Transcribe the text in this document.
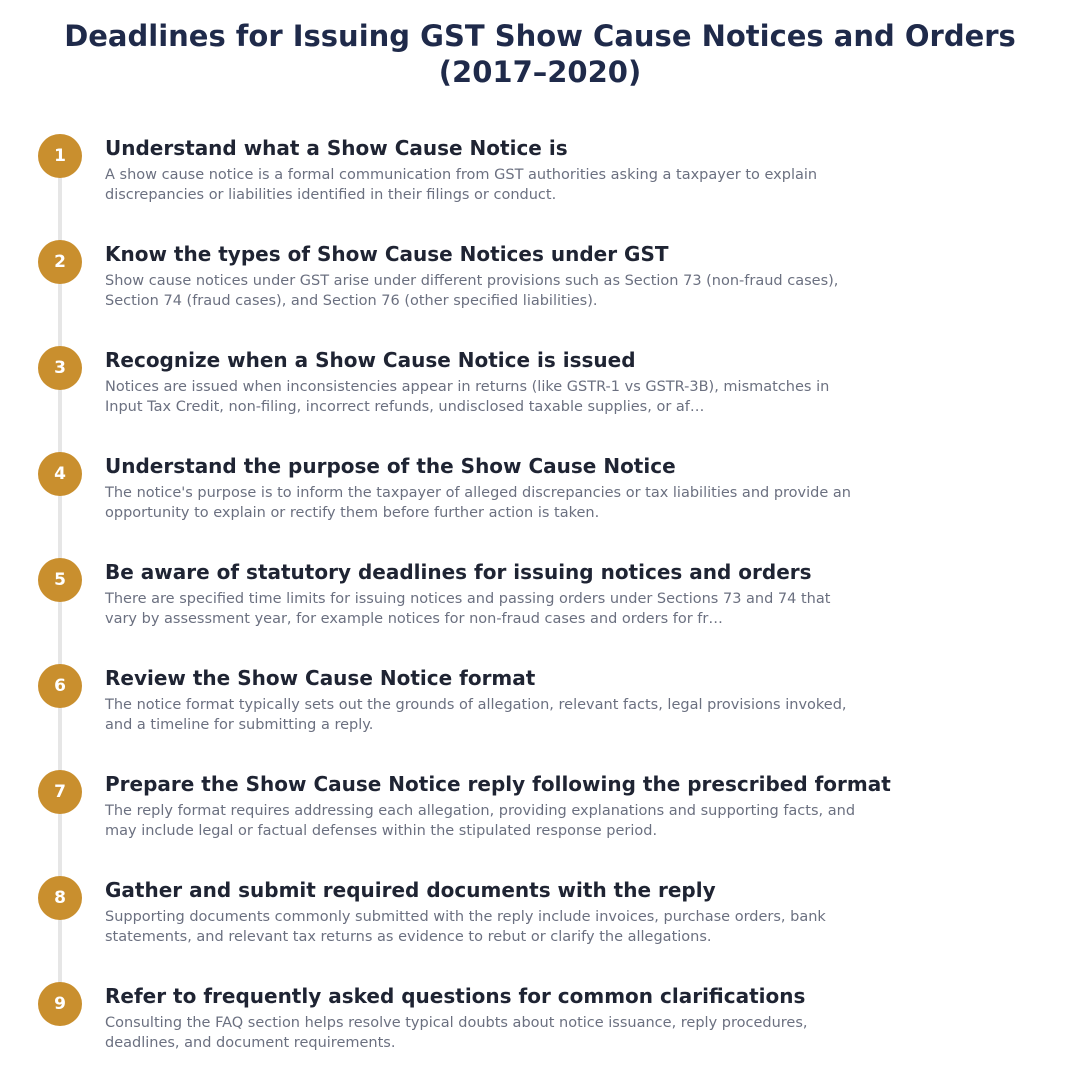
Deadlines for Issuing GST Show Cause Notices and Orders (2017–2020)
1	Understand what a Show Cause Notice is
A show cause notice is a formal communication from GST authorities asking a taxpayer to explain discrepancies or liabilities identified in their filings or conduct.
2	Know the types of Show Cause Notices under GST
Show cause notices under GST arise under different provisions such as Section 73 (non-fraud cases), Section 74 (fraud cases), and Section 76 (other specified liabilities).
3	Recognize when a Show Cause Notice is issued
Notices are issued when inconsistencies appear in returns (like GSTR-1 vs GSTR-3B), mismatches in Input Tax Credit, non-filing, incorrect refunds, undisclosed taxable supplies, or af…
4	Understand the purpose of the Show Cause Notice
The notice's purpose is to inform the taxpayer of alleged discrepancies or tax liabilities and provide an opportunity to explain or rectify them before further action is taken.
5	Be aware of statutory deadlines for issuing notices and orders
There are specified time limits for issuing notices and passing orders under Sections 73 and 74 that vary by assessment year, for example notices for non-fraud cases and orders for fr…
6	Review the Show Cause Notice format
The notice format typically sets out the grounds of allegation, relevant facts, legal provisions invoked, and a timeline for submitting a reply.
7	Prepare the Show Cause Notice reply following the prescribed format
The reply format requires addressing each allegation, providing explanations and supporting facts, and may include legal or factual defenses within the stipulated response period.
8	Gather and submit required documents with the reply
Supporting documents commonly submitted with the reply include invoices, purchase orders, bank statements, and relevant tax returns as evidence to rebut or clarify the allegations.
9	Refer to frequently asked questions for common clarifications
Consulting the FAQ section helps resolve typical doubts about notice issuance, reply procedures, deadlines, and document requirements.
